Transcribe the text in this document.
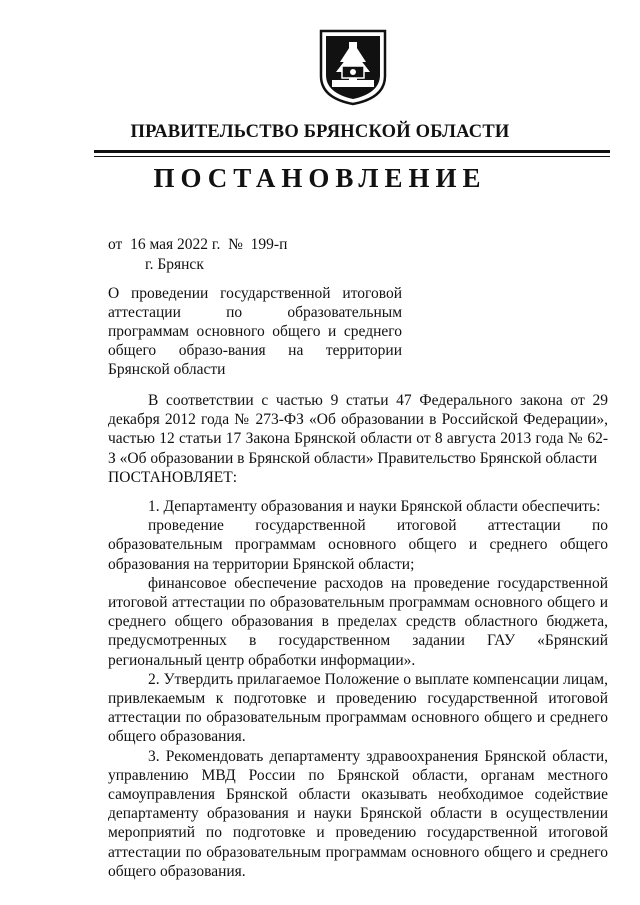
ПРАВИТЕЛЬСТВО БРЯНСКОЙ ОБЛАСТИ
ПОСТАНОВЛЕНИЕ
от  16 мая 2022 г.  №  199-п
г. Брянск
О проведении государственной итоговой аттестации по образовательным программам основного общего и среднего общего образо-вания на территории Брянской области

В соответствии с частью 9 статьи 47 Федерального закона от 29 декабря 2012 года № 273-ФЗ «Об образовании в Российской Федерации», частью 12 статьи 17 Закона Брянской области от 8 августа 2013 года № 62-З «Об образовании в Брянской области» Правительство Брянской области

ПОСТАНОВЛЯЕТ:

1. Департаменту образования и науки Брянской области обеспечить:

проведение государственной итоговой аттестации по образовательным программам основного общего и среднего общего образования на территории Брянской области;

финансовое обеспечение расходов на проведение государственной итоговой аттестации по образовательным программам основного общего и среднего общего образования в пределах средств областного бюджета, предусмотренных в государственном задании ГАУ «Брянский региональный центр обработки информации».

2. Утвердить прилагаемое Положение о выплате компенсации лицам, привлекаемым к подготовке и проведению государственной итоговой аттестации по образовательным программам основного общего и среднего общего образования.

3. Рекомендовать департаменту здравоохранения Брянской области, управлению МВД России по Брянской области, органам местного самоуправления Брянской области оказывать необходимое содействие департаменту образования и науки Брянской области в осуществлении мероприятий по подготовке и проведению государственной итоговой аттестации по образовательным программам основного общего и среднего общего образования.
